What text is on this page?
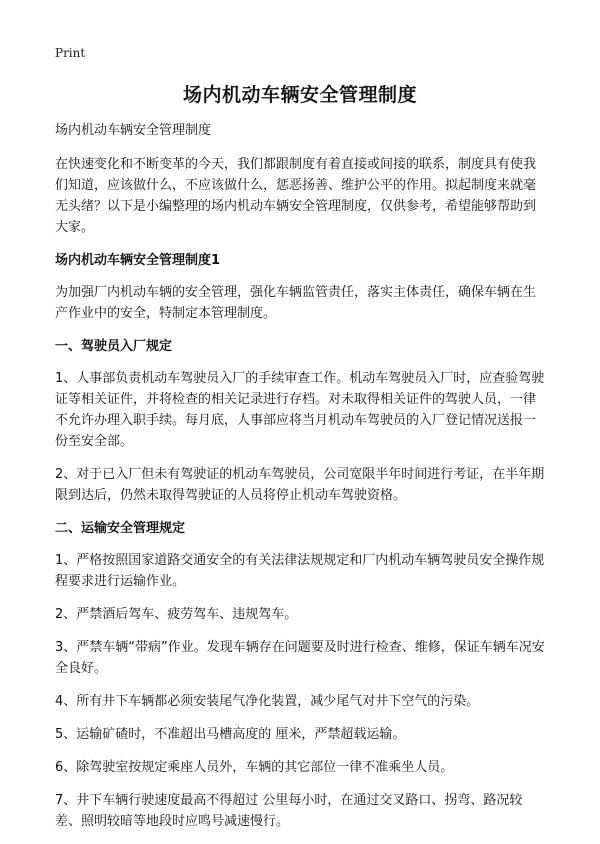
Print
场内机动车辆安全管理制度

场内机动车辆安全管理制度

在快速变化和不断变革的今天，我们都跟制度有着直接或间接的联系，制度具有使我们知道，应该做什么，不应该做什么，惩恶扬善、维护公平的作用。拟起制度来就毫无头绪？以下是小编整理的场内机动车辆安全管理制度，仅供参考，希望能够帮助到大家。

场内机动车辆安全管理制度1

为加强厂内机动车辆的安全管理，强化车辆监管责任，落实主体责任，确保车辆在生产作业中的安全，特制定本管理制度。

一、驾驶员入厂规定

1、人事部负责机动车驾驶员入厂的手续审查工作。机动车驾驶员入厂时，应查验驾驶证等相关证件，并将检查的相关记录进行存档。对未取得相关证件的驾驶人员，一律不允许办理入职手续。每月底，人事部应将当月机动车驾驶员的入厂登记情况送报一份至安全部。

2、对于已入厂但未有驾驶证的机动车驾驶员，公司宽限半年时间进行考证，在半年期限到达后，仍然未取得驾驶证的人员将停止机动车驾驶资格。

二、运输安全管理规定

1、严格按照国家道路交通安全的有关法律法规规定和厂内机动车辆驾驶员安全操作规程要求进行运输作业。

2、严禁酒后驾车、疲劳驾车、违规驾车。

3、严禁车辆“带病”作业。发现车辆存在问题要及时进行检查、维修，保证车辆车况安全良好。

4、所有井下车辆都必须安装尾气净化装置，减少尾气对井下空气的污染。

5、运输矿碴时，不准超出马槽高度的 厘米，严禁超载运输。

6、除驾驶室按规定乘座人员外，车辆的其它部位一律不准乘坐人员。

7、井下车辆行驶速度最高不得超过 公里每小时，在通过交叉路口、拐弯、路况较差、照明较暗等地段时应鸣号减速慢行。
